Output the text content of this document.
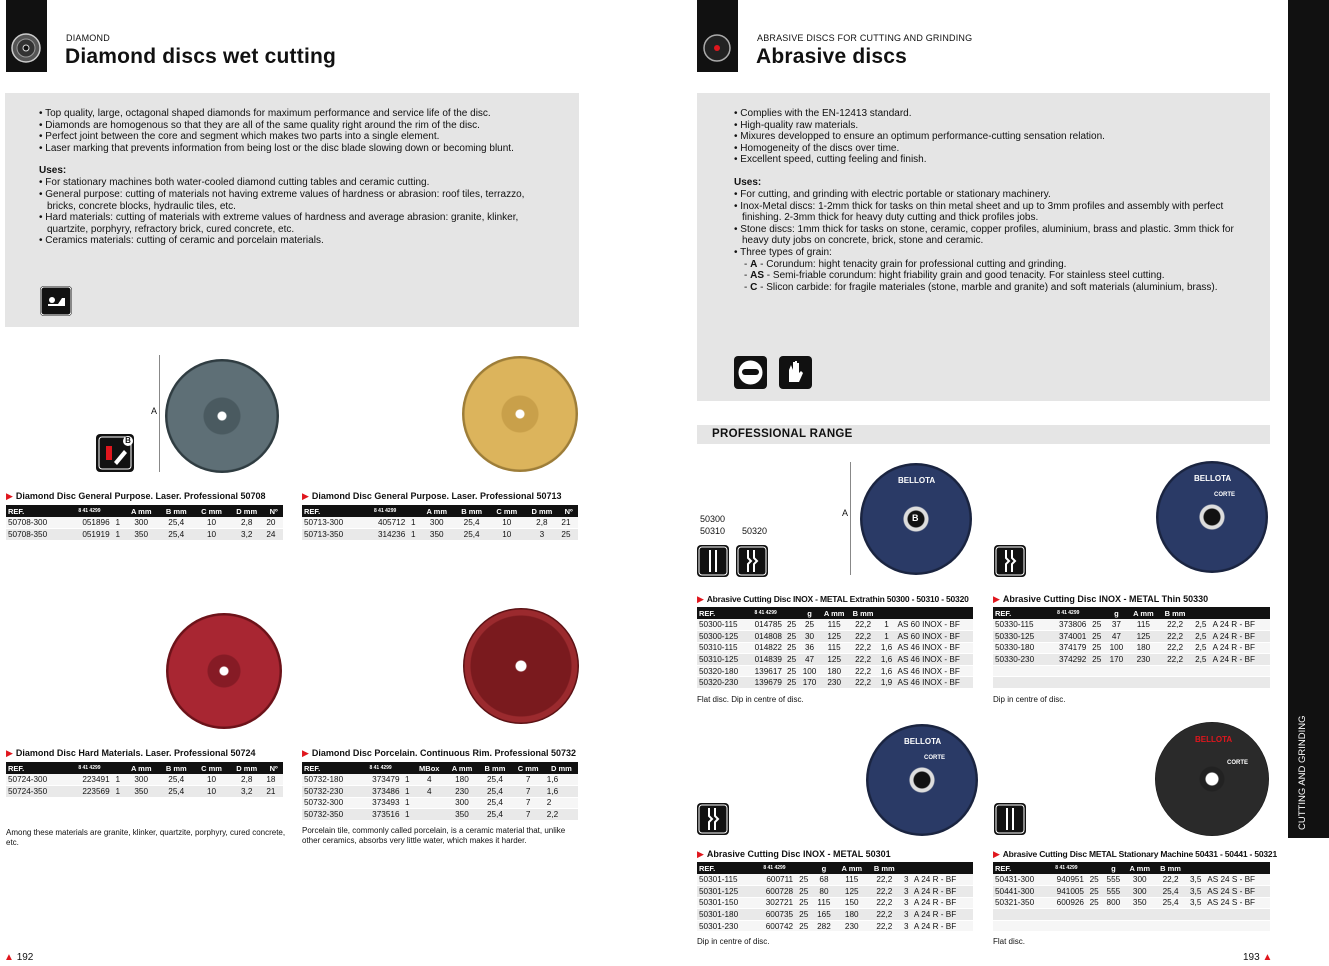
DIAMOND
Diamond discs wet cutting
• Top quality, large, octagonal shaped diamonds for maximum performance and service life of the disc.
• Diamonds are homogenous so that they are all of the same quality right around the rim of the disc.
• Perfect joint between the core and segment which makes two parts into a single element.
• Laser marking that prevents information from being lost or the disc blade slowing down or becoming blunt.
Uses:
• For stationary machines both water-cooled diamond cutting tables and ceramic cutting.
• General purpose: cutting of materials not having extreme values of hardness or abrasion: roof tiles, terrazzo, bricks, concrete blocks, hydraulic tiles, etc.
• Hard materials: cutting of materials with extreme values of hardness and average abrasion: granite, klinker, quartzite, porphyry, refractory brick, cured concrete, etc.
• Ceramics materials: cutting of ceramic and porcelain materials.
A
B
▶ Diamond Disc General Purpose. Laser. Professional 50708
REF.	8 41 4299		A mm	B mm	C mm	D mm	Nº
50708-300	051896	1	300	25,4	10	2,8	20
50708-350	051919	1	350	25,4	10	3,2	24
▶ Diamond Disc General Purpose. Laser. Professional 50713
REF.	8 41 4299		A mm	B mm	C mm	D mm	Nº
50713-300	405712	1	300	25,4	10	2,8	21
50713-350	314236	1	350	25,4	10	3	25
▶ Diamond Disc Hard Materials. Laser. Professional 50724
REF.	8 41 4299		A mm	B mm	C mm	D mm	Nº
50724-300	223491	1	300	25,4	10	2,8	18
50724-350	223569	1	350	25,4	10	3,2	21
Among these materials are granite, klinker, quartzite, porphyry, cured concrete, etc.
▶ Diamond Disc Porcelain. Continuous Rim. Professional 50732
REF.	8 41 4299		MBox	A mm	B mm	C mm	D mm
50732-180	373479	1	4	180	25,4	7	1,6
50732-230	373486	1	4	230	25,4	7	1,6
50732-300	373493	1		300	25,4	7	2
50732-350	373516	1		350	25,4	7	2,2
Porcelain tile, commonly called porcelain, is a ceramic material that, unlike other ceramics, absorbs very little water, which makes it harder.
▲ 192
ABRASIVE DISCS FOR CUTTING AND GRINDING
Abrasive discs
• Complies with the EN-12413 standard.
• High-quality raw materials.
• Mixures developped to ensure an optimum performance-cutting sensation relation.
• Homogeneity of the discs over time.
• Excellent speed, cutting feeling and finish.
Uses:
• For cutting, and grinding with electric portable or stationary machinery.
• Inox-Metal discs: 1-2mm thick for tasks on thin metal sheet and up to 3mm profiles and assembly with perfect finishing. 2-3mm thick for heavy duty cutting and thick profiles jobs.
• Stone discs: 1mm thick for tasks on stone, ceramic, copper profiles, aluminium, brass and plastic. 3mm thick for heavy duty jobs on concrete, brick, stone and ceramic.
• Three types of grain:
- A - Corundum: hight tenacity grain for professional cutting and grinding.
- AS - Semi-friable corundum: hight friability grain and good tenacity. For stainless steel cutting.
- C - Slicon carbide: for fragile materiales (stone, marble and granite) and soft materials (aluminium, brass).
PROFESSIONAL RANGE
50300
50310 50320
A
BELLOTA
B
BELLOTA
CORTE
▶ Abrasive Cutting Disc INOX - METAL Extrathin 50300 - 50310 - 50320
REF.	8 41 4299		g	A mm	B mm		
50300-115	014785	25	25	115	22,2	1	AS 60 INOX - BF
50300-125	014808	25	30	125	22,2	1	AS 60 INOX - BF
50310-115	014822	25	36	115	22,2	1,6	AS 46 INOX - BF
50310-125	014839	25	47	125	22,2	1,6	AS 46 INOX - BF
50320-180	139617	25	100	180	22,2	1,6	AS 46 INOX - BF
50320-230	139679	25	170	230	22,2	1,9	AS 46 INOX - BF
Flat disc. Dip in centre of disc.
▶ Abrasive Cutting Disc INOX - METAL Thin 50330
REF.	8 41 4299		g	A mm	B mm		
50330-115	373806	25	37	115	22,2	2,5	A 24 R - BF
50330-125	374001	25	47	125	22,2	2,5	A 24 R - BF
50330-180	374179	25	100	180	22,2	2,5	A 24 R - BF
50330-230	374292	25	170	230	22,2	2,5	A 24 R - BF

Dip in centre of disc.
BELLOTA
CORTE
BELLOTA
CORTE
▶ Abrasive Cutting Disc INOX - METAL 50301
REF.	8 41 4299		g	A mm	B mm		
50301-115	600711	25	68	115	22,2	3	A 24 R - BF
50301-125	600728	25	80	125	22,2	3	A 24 R - BF
50301-150	302721	25	115	150	22,2	3	A 24 R - BF
50301-180	600735	25	165	180	22,2	3	A 24 R - BF
50301-230	600742	25	282	230	22,2	3	A 24 R - BF
Dip in centre of disc.
▶ Abrasive Cutting Disc METAL Stationary Machine 50431 - 50441 - 50321
REF.	8 41 4299		g	A mm	B mm		
50431-300	940951	25	555	300	22,2	3,5	AS 24 S - BF
50441-300	941005	25	555	300	25,4	3,5	AS 24 S - BF
50321-350	600926	25	800	350	25,4	3,5	AS 24 S - BF

Flat disc.
CUTTING AND GRINDING
193 ▲
